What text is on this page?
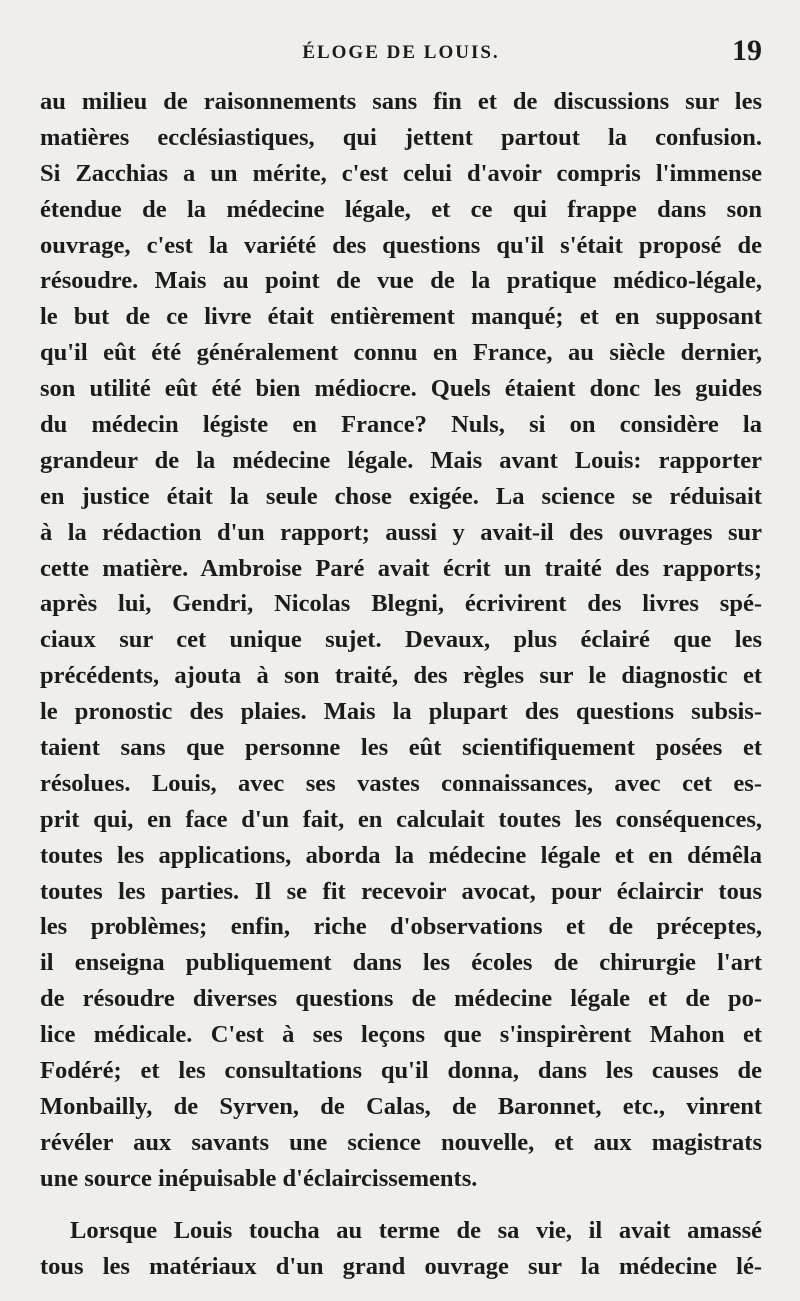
ÉLOGE DE LOUIS.	19
au milieu de raisonnements sans fin et de discussions sur les
matières ecclésiastiques, qui jettent partout la confusion.
Si Zacchias a un mérite, c'est celui d'avoir compris l'immense
étendue de la médecine légale, et ce qui frappe dans son
ouvrage, c'est la variété des questions qu'il s'était proposé de
résoudre. Mais au point de vue de la pratique médico-légale,
le but de ce livre était entièrement manqué; et en supposant
qu'il eût été généralement connu en France, au siècle dernier,
son utilité eût été bien médiocre. Quels étaient donc les guides
du médecin légiste en France? Nuls, si on considère la
grandeur de la médecine légale. Mais avant Louis: rapporter
en justice était la seule chose exigée. La science se réduisait
à la rédaction d'un rapport; aussi y avait-il des ouvrages sur
cette matière. Ambroise Paré avait écrit un traité des rapports;
après lui, Gendri, Nicolas Blegni, écrivirent des livres spé-
ciaux sur cet unique sujet. Devaux, plus éclairé que les
précédents, ajouta à son traité, des règles sur le diagnostic et
le pronostic des plaies. Mais la plupart des questions subsis-
taient sans que personne les eût scientifiquement posées et
résolues. Louis, avec ses vastes connaissances, avec cet es-
prit qui, en face d'un fait, en calculait toutes les conséquences,
toutes les applications, aborda la médecine légale et en démêla
toutes les parties. Il se fit recevoir avocat, pour éclaircir tous
les problèmes; enfin, riche d'observations et de préceptes,
il enseigna publiquement dans les écoles de chirurgie l'art
de résoudre diverses questions de médecine légale et de po-
lice médicale. C'est à ses leçons que s'inspirèrent Mahon et
Fodéré; et les consultations qu'il donna, dans les causes de
Monbailly, de Syrven, de Calas, de Baronnet, etc., vinrent
révéler aux savants une science nouvelle, et aux magistrats
une source inépuisable d'éclaircissements.
Lorsque Louis toucha au terme de sa vie, il avait amassé
tous les matériaux d'un grand ouvrage sur la médecine lé-
